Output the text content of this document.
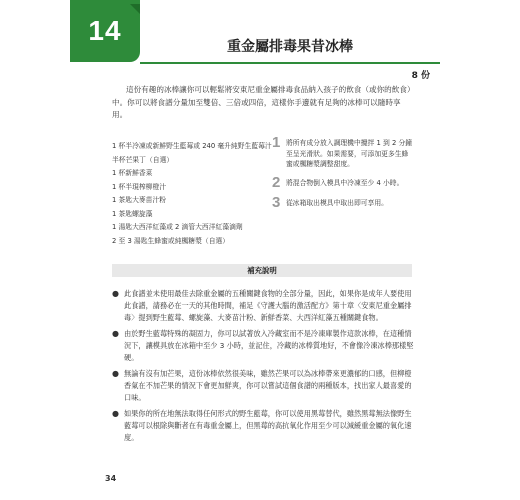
14
重金屬排毒果昔冰棒
8 份
這份有趣的冰棒讓你可以輕鬆將安東尼重金屬排毒食品納入孩子的飲食（或你的飲食）中。你可以將食譜分量加至雙倍、三倍或四倍，這樣你手邊就有足夠的冰棒可以隨時享用。
1 杯半冷凍或新鮮野生藍莓或 240 毫升純野生藍莓汁
半杯芒果丁（自選）
1 杯新鮮香菜
1 杯半現榨柳橙汁
1 茶匙大麥苗汁粉
1 茶匙螺旋藻
1 湯匙大西洋紅藻或 2 滴管大西洋紅藻滴劑
2 至 3 湯匙生蜂蜜或純楓糖漿（自選）
1 將所有成分放入調理機中攪拌 1 到 2 分鐘至呈光滑狀。如果需要，可添加更多生蜂蜜或楓糖漿調整甜度。
2 將混合物倒入模具中冷凍至少 4 小時。
3 從冰箱取出模具中取出即可享用。
補充說明
● 此食譜並未使用最佳去除重金屬的五種關鍵食物的全部分量，因此，如果你是成年人要使用此食譜，請務必在一天的其他時間，補足《守護大腦的激活配方》第十章〈安東尼重金屬排毒〉提到野生藍莓、螺旋藻、大麥苗汁粉、新鮮香菜、大西洋紅藻五種關鍵食物。
● 由於野生藍莓特殊的凝固力，你可以試著放入冷藏室而不是冷凍庫製作這款冰棒，在這種情況下，讓模具放在冰箱中至少 3 小時，並記住，冷藏的冰棒質地好，不會像冷凍冰棒那樣堅硬。
● 無論有沒有加芒果，這份冰棒依然很美味，雖然芒果可以為冰棒帶來更濃郁的口感，但柳橙香氣在不加芒果的情況下會更加鮮爽，你可以嘗試這個食譜的兩種版本，找出家人最喜愛的口味。
● 如果你的所在地無法取得任何形式的野生藍莓，你可以使用黑莓替代，雖然黑莓無法像野生藍莓可以根除與斷者在有毒重金屬上，但黑莓的高抗氧化作用至少可以減緩重金屬的氧化速度。
34
